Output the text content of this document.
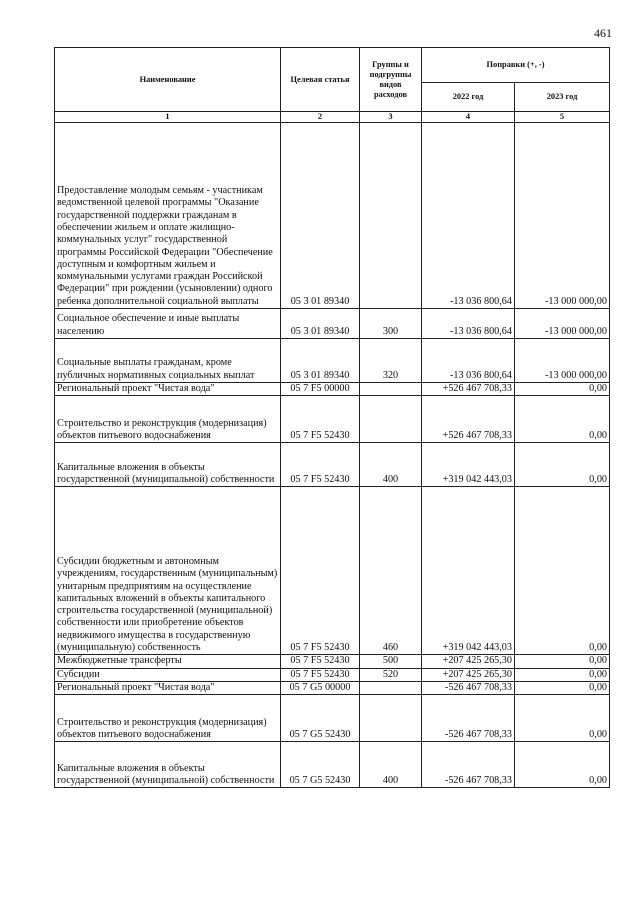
461
Наименование	Целевая статья	Группы и подгруппы видов расходов	Поправки (+, -)	
			2022 год	2023 год
1	2	3	4	5
Предоставление молодым семьям - участникам ведомственной целевой программы "Оказание государственной поддержки гражданам в обеспечении жильем и оплате жилищно-коммунальных услуг" государственной программы Российской Федерации "Обеспечение доступным и комфортным жильем и коммунальными услугами граждан Российской Федерации" при рождении (усыновлении) одного ребенка дополнительной социальной выплаты	05 3 01 89340		-13 036 800,64	-13 000 000,00
Социальное обеспечение и иные выплаты населению	05 3 01 89340	300	-13 036 800,64	-13 000 000,00
Социальные выплаты гражданам, кроме публичных нормативных социальных выплат	05 3 01 89340	320	-13 036 800,64	-13 000 000,00
Региональный проект "Чистая вода"	05 7 F5 00000		+526 467 708,33	0,00
Строительство и реконструкция (модернизация) объектов питьевого водоснабжения	05 7 F5 52430		+526 467 708,33	0,00
Капитальные вложения в объекты государственной (муниципальной) собственности	05 7 F5 52430	400	+319 042 443,03	0,00
Субсидии бюджетным и автономным учреждениям, государственным (муниципальным) унитарным предприятиям на осуществление капитальных вложений в объекты капитального строительства государственной (муниципальной) собственности или приобретение объектов недвижимого имущества в государственную (муниципальную) собственность	05 7 F5 52430	460	+319 042 443,03	0,00
Межбюджетные трансферты	05 7 F5 52430	500	+207 425 265,30	0,00
Субсидии	05 7 F5 52430	520	+207 425 265,30	0,00
Региональный проект "Чистая вода"	05 7 G5 00000		-526 467 708,33	0,00
Строительство и реконструкция (модернизация) объектов питьевого водоснабжения	05 7 G5 52430		-526 467 708,33	0,00
Капитальные вложения в объекты государственной (муниципальной) собственности	05 7 G5 52430	400	-526 467 708,33	0,00
